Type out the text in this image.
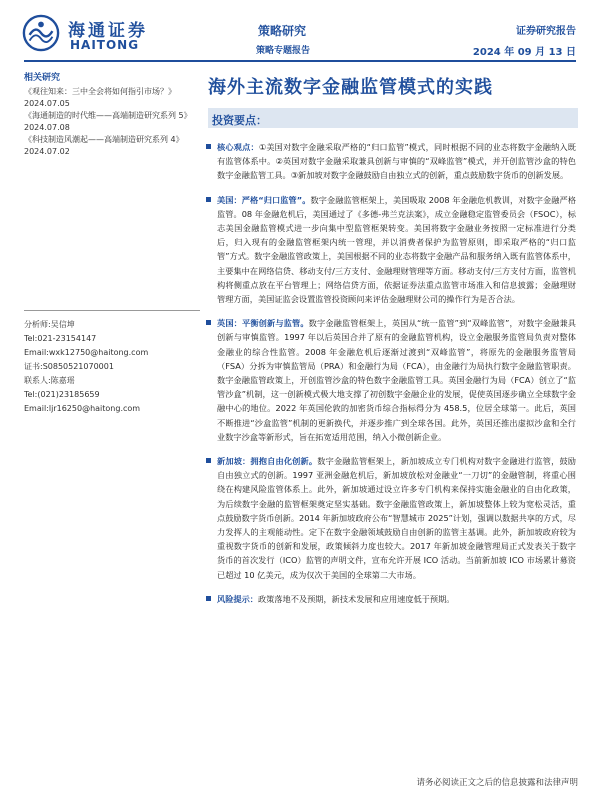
海通证券
HAITONG
策略研究
策略专题报告
证券研究报告
2024 年 09 月 13 日
相关研究
《观往知来：三中全会将如何指引市场？》2024.07.05
《海通制造的时代维——高端制造研究系列 5》2024.07.08
《科技制造风潮起——高端制造研究系列 4》2024.07.02
分析师:吴信坤
Tel:021-23154147
Email:wxk12750@haitong.com
证书:S0850521070001
联系人:陈嘉瑶
Tel:(021)23185659
Email:ljr16250@haitong.com
海外主流数字金融监管模式的实践
投资要点：
核心观点：①美国对数字金融采取严格的“归口监管”模式，同时根据不同的业态将数字金融纳入既有监管体系中。②英国对数字金融采取兼具创新与审慎的“双峰监管”模式，并开创监管沙盒的特色数字金融监管工具。③新加坡对数字金融鼓励自由独立式的创新，重点鼓励数字货币的创新发展。
美国：严格“归口监管”。数字金融监管框架上，美国吸取 2008 年金融危机教训，对数字金融严格监管。08 年金融危机后，美国通过了《多德-弗兰克法案》，成立金融稳定监管委员会（FSOC），标志美国金融监管模式进一步向集中型监管框架转变。美国将数字金融业务按照一定标准进行分类后，归入现有的金融监管框架内统一管理，并以消费者保护为监管原则，即采取严格的“归口监管”方式。数字金融监管政策上，美国根据不同的业态将数字金融产品和服务纳入既有监管体系中，主要集中在网络信贷、移动支付/三方支付、金融理财管理等方面。移动支付/三方支付方面，监管机构将侧重点放在平台管理上；网络信贷方面，依据证券法重点监管市场准入和信息披露；金融理财管理方面，美国证监会设置监管投资顾问来评估金融理财公司的操作行为是否合法。
英国：平衡创新与监管。数字金融监管框架上，英国从“统一监管”到“双峰监管”，对数字金融兼具创新与审慎监管。1997 年以后英国合并了原有的金融监管机构，设立金融服务监管局负责对整体金融业的综合性监管。2008 年金融危机后逐渐过渡到“双峰监管”，将原先的金融服务监管局（FSA）分拆为审慎监管局（PRA）和金融行为局（FCA），由金融行为局执行数字金融监管职责。数字金融监管政策上，开创监管沙盒的特色数字金融监管工具。英国金融行为局（FCA）创立了“监管沙盒”机制，这一创新模式极大地支撑了初创数字金融企业的发展，促使英国逐步确立全球数字金融中心的地位。2022 年英国伦敦的加密货币综合指标得分为 458.5，位居全球第一。此后，英国不断推进“沙盒监管”机制的更新换代，并逐步推广到全球各国。此外，英国还推出虚拟沙盒和全行业数字沙盒等新形式，旨在拓宽适用范围，纳入小微创新企业。
新加坡：拥抱自由化创新。数字金融监管框架上，新加坡成立专门机构对数字金融进行监管，鼓励自由独立式的创新。1997 亚洲金融危机后，新加坡放松对金融业“一刀切”的金融管制，将重心围绕在构建风险监管体系上。此外，新加坡通过设立许多专门机构来保持实施金融业的自由化政策，为后续数字金融的监管框架奠定坚实基础。数字金融监管政策上，新加坡整体上较为宽松灵活，重点鼓励数字货币创新。2014 年新加坡政府公布“智慧城市 2025”计划，强调以数据共享的方式，尽力发挥人的主观能动性。定下在数字金融领域鼓励自由创新的监管主基调。此外，新加坡政府较为重视数字货币的创新和发展，政策倾斜力度也较大。2017 年新加坡金融管理局正式发表关于数字货币的首次发行（ICO）监管的声明文件，宣布允许开展 ICO 活动。当前新加坡 ICO 市场累计募资已超过 10 亿美元，成为仅次于美国的全球第二大市场。
风险提示：政策落地不及预期，新技术发展和应用速度低于预期。
请务必阅读正文之后的信息披露和法律声明
